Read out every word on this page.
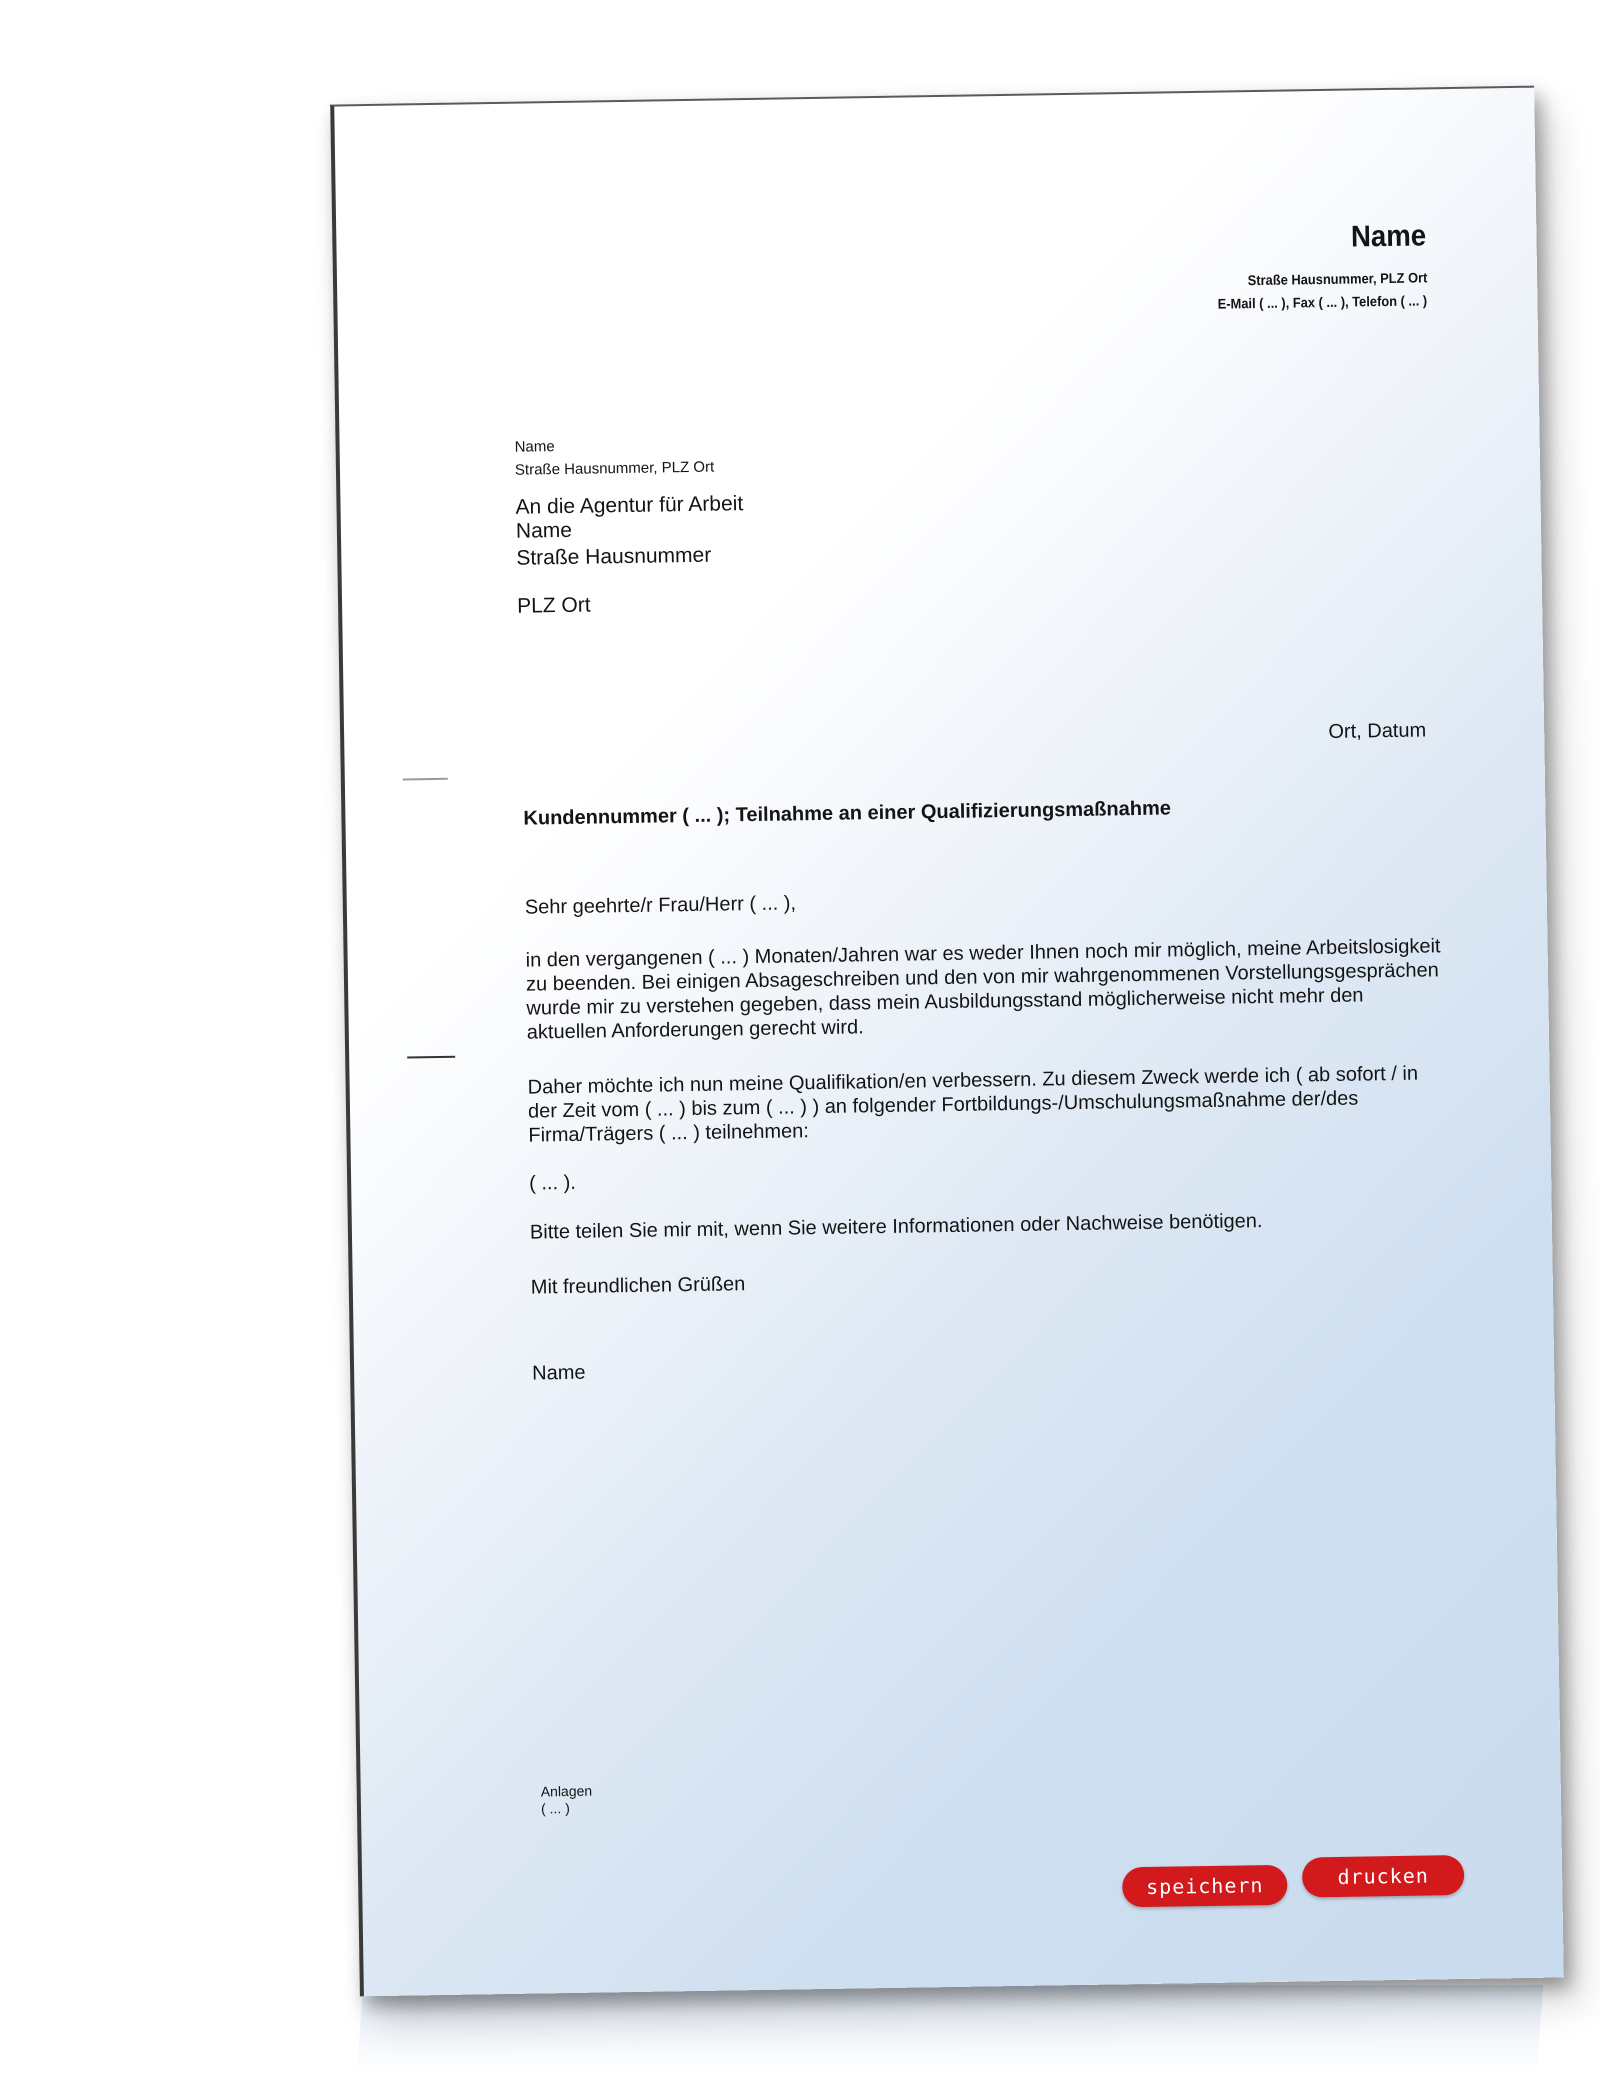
Name
Straße Hausnummer, PLZ Ort
E-Mail ( ... ), Fax ( ... ), Telefon ( ... )
Name
Straße Hausnummer, PLZ Ort
An die Agentur für Arbeit
Name
Straße Hausnummer
PLZ Ort
Ort, Datum
Kundennummer ( ... ); Teilnahme an einer Qualifizierungsmaßnahme
Sehr geehrte/r Frau/Herr ( ... ),
in den vergangenen ( ... ) Monaten/Jahren war es weder Ihnen noch mir möglich, meine Arbeitslosigkeit zu beenden. Bei einigen Absageschreiben und den von mir wahrgenommenen Vorstellungsgesprächen wurde mir zu verstehen gegeben, dass mein Ausbildungsstand möglicherweise nicht mehr den aktuellen Anforderungen gerecht wird.
Daher möchte ich nun meine Qualifikation/en verbessern. Zu diesem Zweck werde ich ( ab sofort / in der Zeit vom ( ... ) bis zum ( ... ) ) an folgender Fortbildungs-/Umschulungsmaßnahme der/des Firma/Trägers ( ... ) teilnehmen:
( ... ).
Bitte teilen Sie mir mit, wenn Sie weitere Informationen oder Nachweise benötigen.
Mit freundlichen Grüßen
Name
Anlagen
( ... )
speichern	drucken
